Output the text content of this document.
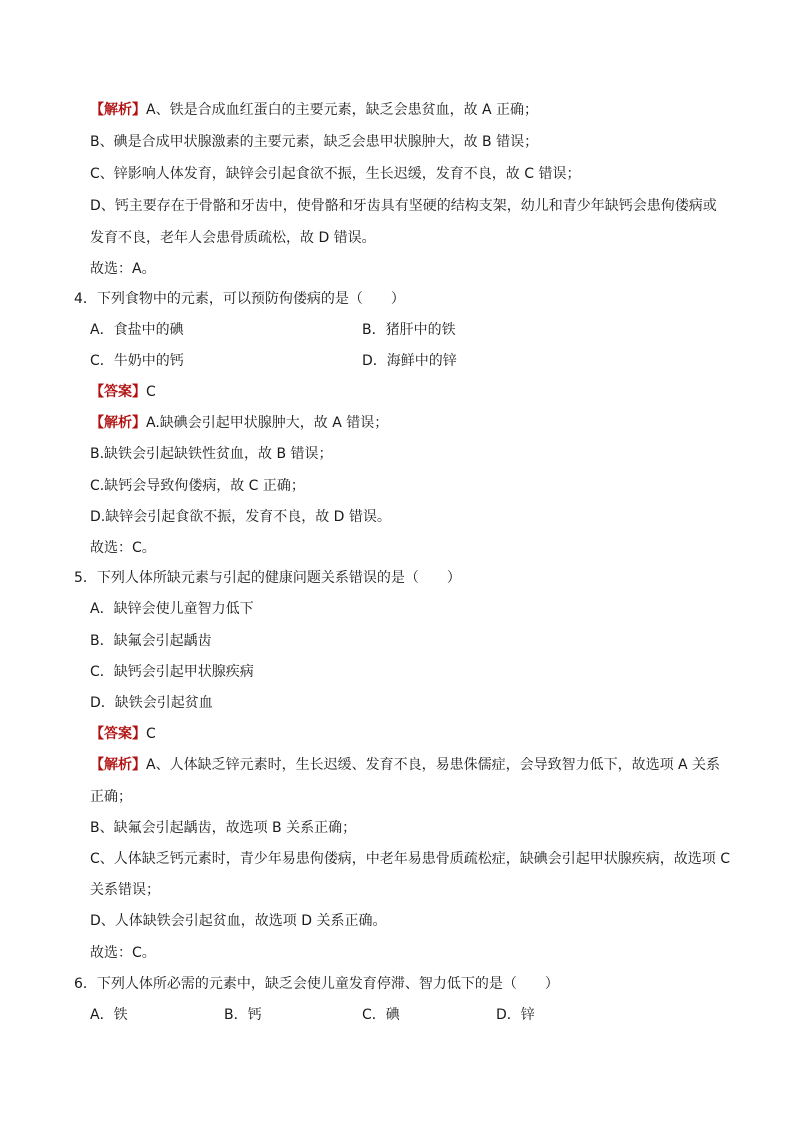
【解析】A、铁是合成血红蛋白的主要元素，缺乏会患贫血，故 A 正确；
B、碘是合成甲状腺激素的主要元素，缺乏会患甲状腺肿大，故 B 错误；
C、锌影响人体发育，缺锌会引起食欲不振，生长迟缓，发育不良，故 C 错误；
D、钙主要存在于骨骼和牙齿中，使骨骼和牙齿具有坚硬的结构支架，幼儿和青少年缺钙会患佝偻病或
发育不良，老年人会患骨质疏松，故 D 错误。
故选：A。
4．下列食物中的元素，可以预防佝偻病的是（　　）
A．食盐中的碘	B．猪肝中的铁
C．牛奶中的钙	D．海鲜中的锌
【答案】C
【解析】A.缺碘会引起甲状腺肿大，故 A 错误；
B.缺铁会引起缺铁性贫血，故 B 错误；
C.缺钙会导致佝偻病，故 C 正确；
D.缺锌会引起食欲不振，发育不良，故 D 错误。
故选：C。
5．下列人体所缺元素与引起的健康问题关系错误的是（　　）
A．缺锌会使儿童智力低下
B．缺氟会引起龋齿
C．缺钙会引起甲状腺疾病
D．缺铁会引起贫血
【答案】C
【解析】A、人体缺乏锌元素时，生长迟缓、发育不良，易患侏儒症，会导致智力低下，故选项 A 关系
正确；
B、缺氟会引起龋齿，故选项 B 关系正确；
C、人体缺乏钙元素时，青少年易患佝偻病，中老年易患骨质疏松症，缺碘会引起甲状腺疾病，故选项 C
关系错误；
D、人体缺铁会引起贫血，故选项 D 关系正确。
故选：C。
6．下列人体所必需的元素中，缺乏会使儿童发育停滞、智力低下的是（　　）
A．铁	B．钙	C．碘	D．锌
